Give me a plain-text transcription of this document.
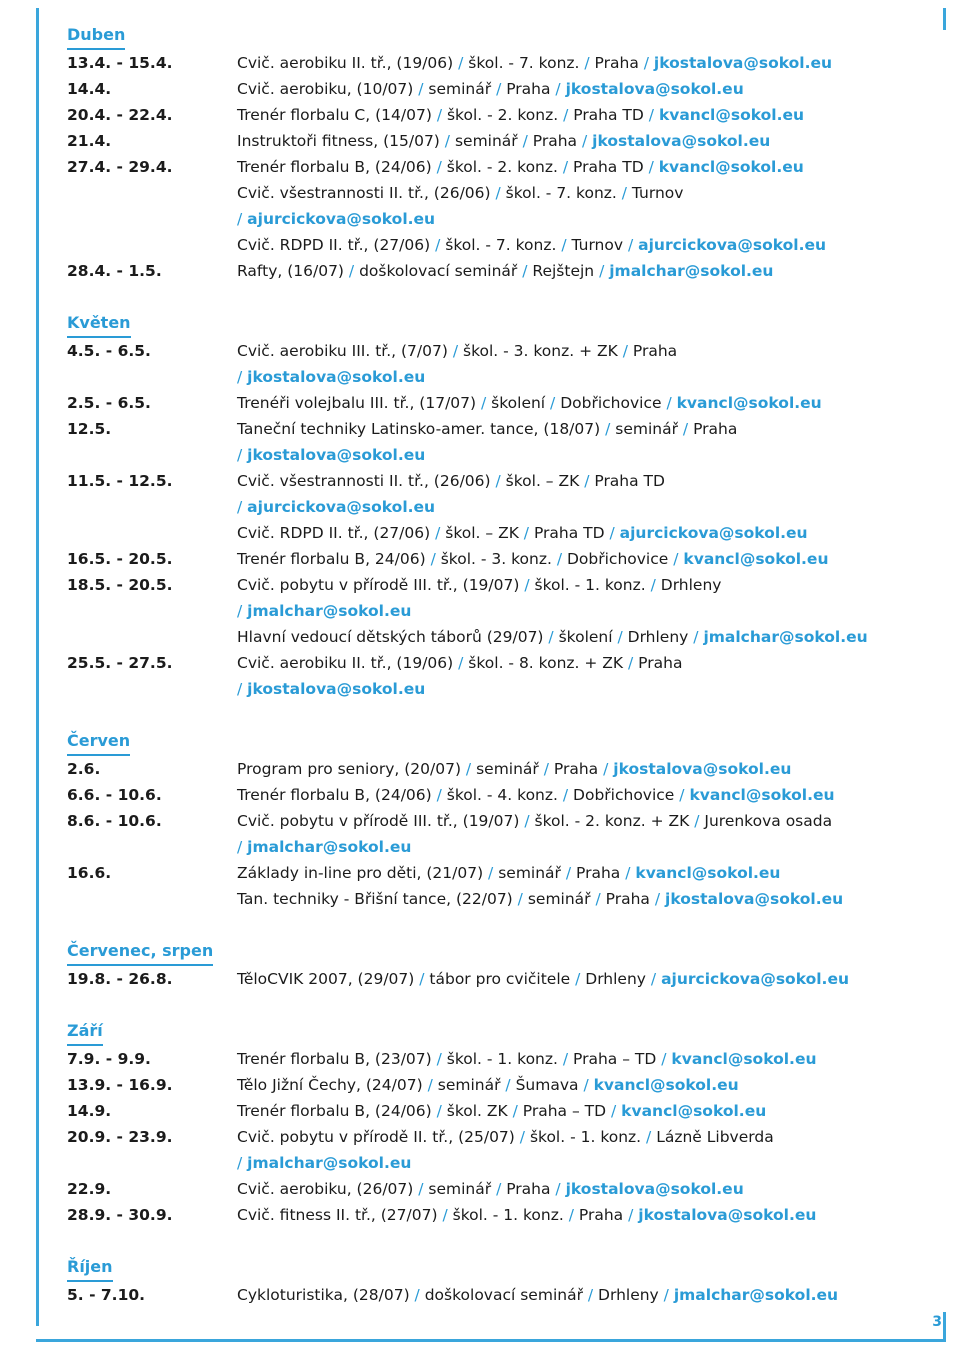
Duben
13.4. - 15.4.	Cvič. aerobiku II. tř., (19/06) / škol. - 7. konz. / Praha / jkostalova@sokol.eu
14.4.	Cvič. aerobiku, (10/07) / seminář / Praha / jkostalova@sokol.eu
20.4. - 22.4.	Trenér florbalu C, (14/07) / škol. - 2. konz. / Praha TD / kvancl@sokol.eu
21.4.	Instruktoři fitness, (15/07) / seminář / Praha / jkostalova@sokol.eu
27.4. - 29.4.	Trenér florbalu B, (24/06) / škol. - 2. konz. / Praha TD / kvancl@sokol.eu
Cvič. všestrannosti II. tř., (26/06) / škol. - 7. konz. / Turnov
/ ajurcickova@sokol.eu
Cvič. RDPD II. tř., (27/06) / škol. - 7. konz. / Turnov / ajurcickova@sokol.eu
28.4. - 1.5.	Rafty, (16/07) / doškolovací seminář / Rejštejn / jmalchar@sokol.eu
Květen
4.5. - 6.5.	Cvič. aerobiku III. tř., (7/07) / škol. - 3. konz. + ZK / Praha
/ jkostalova@sokol.eu
2.5. - 6.5.	Trenéři volejbalu III. tř., (17/07) / školení / Dobřichovice / kvancl@sokol.eu
12.5.	Taneční techniky Latinsko-amer. tance, (18/07) / seminář / Praha
/ jkostalova@sokol.eu
11.5. - 12.5.	Cvič. všestrannosti II. tř., (26/06) / škol. – ZK / Praha TD
/ ajurcickova@sokol.eu
Cvič. RDPD II. tř., (27/06) / škol. – ZK / Praha TD / ajurcickova@sokol.eu
16.5. - 20.5.	Trenér florbalu B, 24/06) / škol. - 3. konz. / Dobřichovice / kvancl@sokol.eu
18.5. - 20.5.	Cvič. pobytu v přírodě III. tř., (19/07) / škol. - 1. konz. / Drhleny
/ jmalchar@sokol.eu
Hlavní vedoucí dětských táborů (29/07) / školení / Drhleny / jmalchar@sokol.eu
25.5. - 27.5.	Cvič. aerobiku II. tř., (19/06) / škol. - 8. konz. + ZK / Praha
/ jkostalova@sokol.eu
Červen
2.6.	Program pro seniory, (20/07) / seminář / Praha / jkostalova@sokol.eu
6.6. - 10.6.	Trenér florbalu B, (24/06) / škol. - 4. konz. / Dobřichovice / kvancl@sokol.eu
8.6. - 10.6.	Cvič. pobytu v přírodě III. tř., (19/07) / škol. - 2. konz. + ZK / Jurenkova osada
/ jmalchar@sokol.eu
16.6.	Základy in-line pro děti, (21/07) / seminář / Praha / kvancl@sokol.eu
Tan. techniky - Břišní tance, (22/07) / seminář / Praha / jkostalova@sokol.eu
Červenec, srpen
19.8. - 26.8.	TěloCVIK 2007, (29/07) / tábor pro cvičitele / Drhleny / ajurcickova@sokol.eu
Září
7.9. - 9.9.	Trenér florbalu B, (23/07) / škol. - 1. konz. / Praha – TD / kvancl@sokol.eu
13.9. - 16.9.	Tělo Jižní Čechy, (24/07) / seminář / Šumava / kvancl@sokol.eu
14.9.	Trenér florbalu B, (24/06) / škol. ZK / Praha – TD / kvancl@sokol.eu
20.9. - 23.9.	Cvič. pobytu v přírodě II. tř., (25/07) / škol. - 1. konz. / Lázně Libverda
/ jmalchar@sokol.eu
22.9.	Cvič. aerobiku, (26/07) / seminář / Praha / jkostalova@sokol.eu
28.9. - 30.9.	Cvič. fitness II. tř., (27/07) / škol. - 1. konz. / Praha / jkostalova@sokol.eu
Říjen
5. - 7.10.	Cykloturistika, (28/07) / doškolovací seminář / Drhleny / jmalchar@sokol.eu
3
